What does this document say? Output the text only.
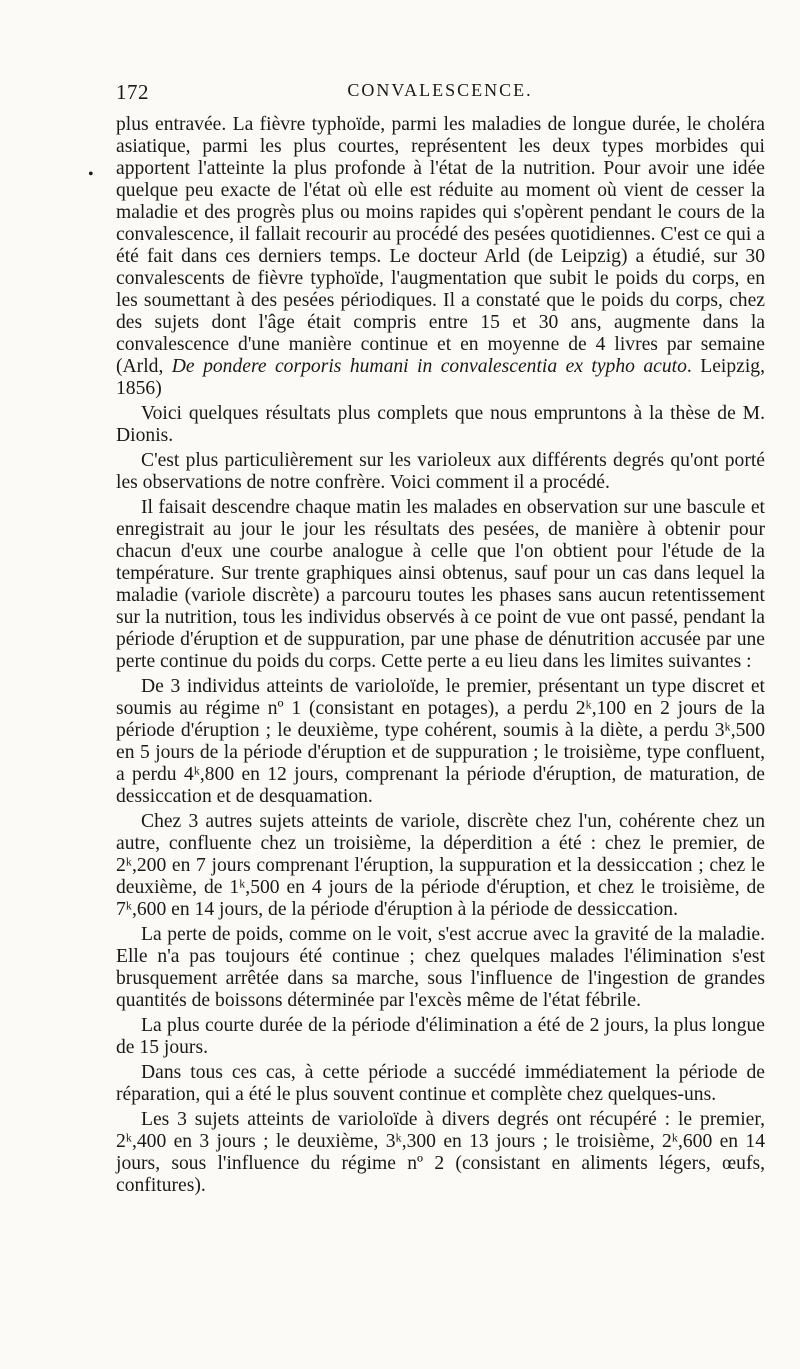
172	CONVALESCENCE.
•

plus entravée. La fièvre typhoïde, parmi les maladies de longue durée, le choléra asiatique, parmi les plus courtes, représentent les deux types morbides qui apportent l'atteinte la plus profonde à l'état de la nutrition. Pour avoir une idée quelque peu exacte de l'état où elle est réduite au moment où vient de cesser la maladie et des progrès plus ou moins rapides qui s'opèrent pendant le cours de la convalescence, il fallait recourir au procédé des pesées quotidiennes. C'est ce qui a été fait dans ces derniers temps. Le docteur Arld (de Leipzig) a étudié, sur 30 convalescents de fièvre typhoïde, l'augmentation que subit le poids du corps, en les soumettant à des pesées périodiques. Il a constaté que le poids du corps, chez des sujets dont l'âge était compris entre 15 et 30 ans, augmente dans la convalescence d'une manière continue et en moyenne de 4 livres par semaine (Arld, De pondere corporis humani in convalescentia ex typho acuto. Leipzig, 1856)

Voici quelques résultats plus complets que nous empruntons à la thèse de M. Dionis.

C'est plus particulièrement sur les varioleux aux différents degrés qu'ont porté les observations de notre confrère. Voici comment il a procédé.

Il faisait descendre chaque matin les malades en observation sur une bascule et enregistrait au jour le jour les résultats des pesées, de manière à obtenir pour chacun d'eux une courbe analogue à celle que l'on obtient pour l'étude de la température. Sur trente graphiques ainsi obtenus, sauf pour un cas dans lequel la maladie (variole discrète) a parcouru toutes les phases sans aucun retentissement sur la nutrition, tous les individus observés à ce point de vue ont passé, pendant la période d'éruption et de suppuration, par une phase de dénutrition accusée par une perte continue du poids du corps. Cette perte a eu lieu dans les limites suivantes :

De 3 individus atteints de varioloïde, le premier, présentant un type discret et soumis au régime nº 1 (consistant en potages), a perdu 2ᵏ,100 en 2 jours de la période d'éruption ; le deuxième, type cohérent, soumis à la diète, a perdu 3ᵏ,500 en 5 jours de la période d'éruption et de suppuration ; le troisième, type confluent, a perdu 4ᵏ,800 en 12 jours, comprenant la période d'éruption, de maturation, de dessiccation et de desquamation.

Chez 3 autres sujets atteints de variole, discrète chez l'un, cohérente chez un autre, confluente chez un troisième, la déperdition a été : chez le premier, de 2ᵏ,200 en 7 jours comprenant l'éruption, la suppuration et la dessiccation ; chez le deuxième, de 1ᵏ,500 en 4 jours de la période d'éruption, et chez le troisième, de 7ᵏ,600 en 14 jours, de la période d'éruption à la période de dessiccation.

La perte de poids, comme on le voit, s'est accrue avec la gravité de la maladie. Elle n'a pas toujours été continue ; chez quelques malades l'élimination s'est brusquement arrêtée dans sa marche, sous l'influence de l'ingestion de grandes quantités de boissons déterminée par l'excès même de l'état fébrile.

La plus courte durée de la période d'élimination a été de 2 jours, la plus longue de 15 jours.

Dans tous ces cas, à cette période a succédé immédiatement la période de réparation, qui a été le plus souvent continue et complète chez quelques-uns.

Les 3 sujets atteints de varioloïde à divers degrés ont récupéré : le premier, 2ᵏ,400 en 3 jours ; le deuxième, 3ᵏ,300 en 13 jours ; le troisième, 2ᵏ,600 en 14 jours, sous l'influence du régime nº 2 (consistant en aliments légers, œufs, confitures).
